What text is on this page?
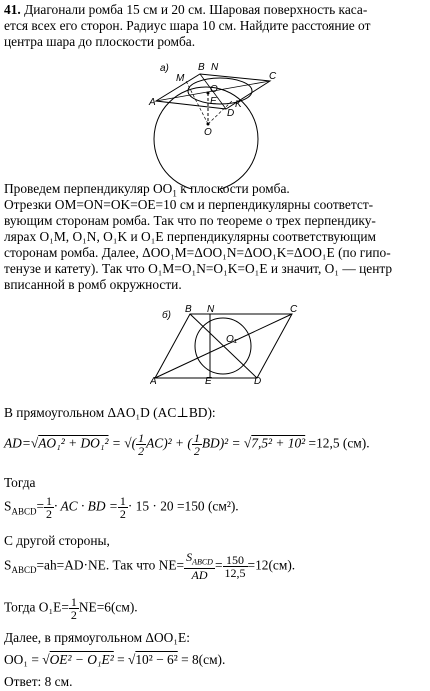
41. Диагонали ромба 15 см и 20 см. Шаровая поверхность каса-
ется всех его сторон. Радиус шара 10 см. Найдите расстояние от
центра шара до плоскости ромба.
а)	B N
C
M
A
O
E
D
K
O
Проведем перпендикуляр $OO_1$ к плоскости ромба.
Отрезки OM=ON=OK=OE=10 см и перпендикулярны соответст-
вующим сторонам ромба. Так что по теореме о трех перпендику-
лярах O₁M, O₁N, O₁K и O₁E перпендикулярны соответствующим
сторонам ромба. Далее, ΔOO₁M=ΔOO₁N=ΔOO₁K=ΔOO₁E (по гипо-
тенузе и катету). Так что O₁M=O₁N=O₁K=O₁E и значит, O₁ — центр
вписанной в ромб окружности.
б)
B N	C
O₁
A	E	D
В прямоугольном ΔAO₁D (AC⊥BD):
AD=√AO₁² + DO₁² = √( $\frac{1}{2} AC)^2$ + ( $\frac{1}{2} BD)^2 = √7,5^2 + 10^2 =12,5$ (см).
Тогда
$S_{ABCD}= \frac{1}{2}$ · AC · BD = $\frac{1}{2} \cdot 15 \cdot 20 =150$ (см²).
С другой стороны,
$S_{ABCD}=ah=AD\cdot NE$. Так что $NE= \frac{S_{ABCD}}{AD} = \frac{150}{12,5} =12(см)$.
Тогда $O_1E= \frac{1}{2} NE=6(см)$.
Далее, в прямоугольном ΔOO₁E:
OO₁ = √OE² − O₁E² = √10² − 6² = 8(см).
Ответ: 8 см.
